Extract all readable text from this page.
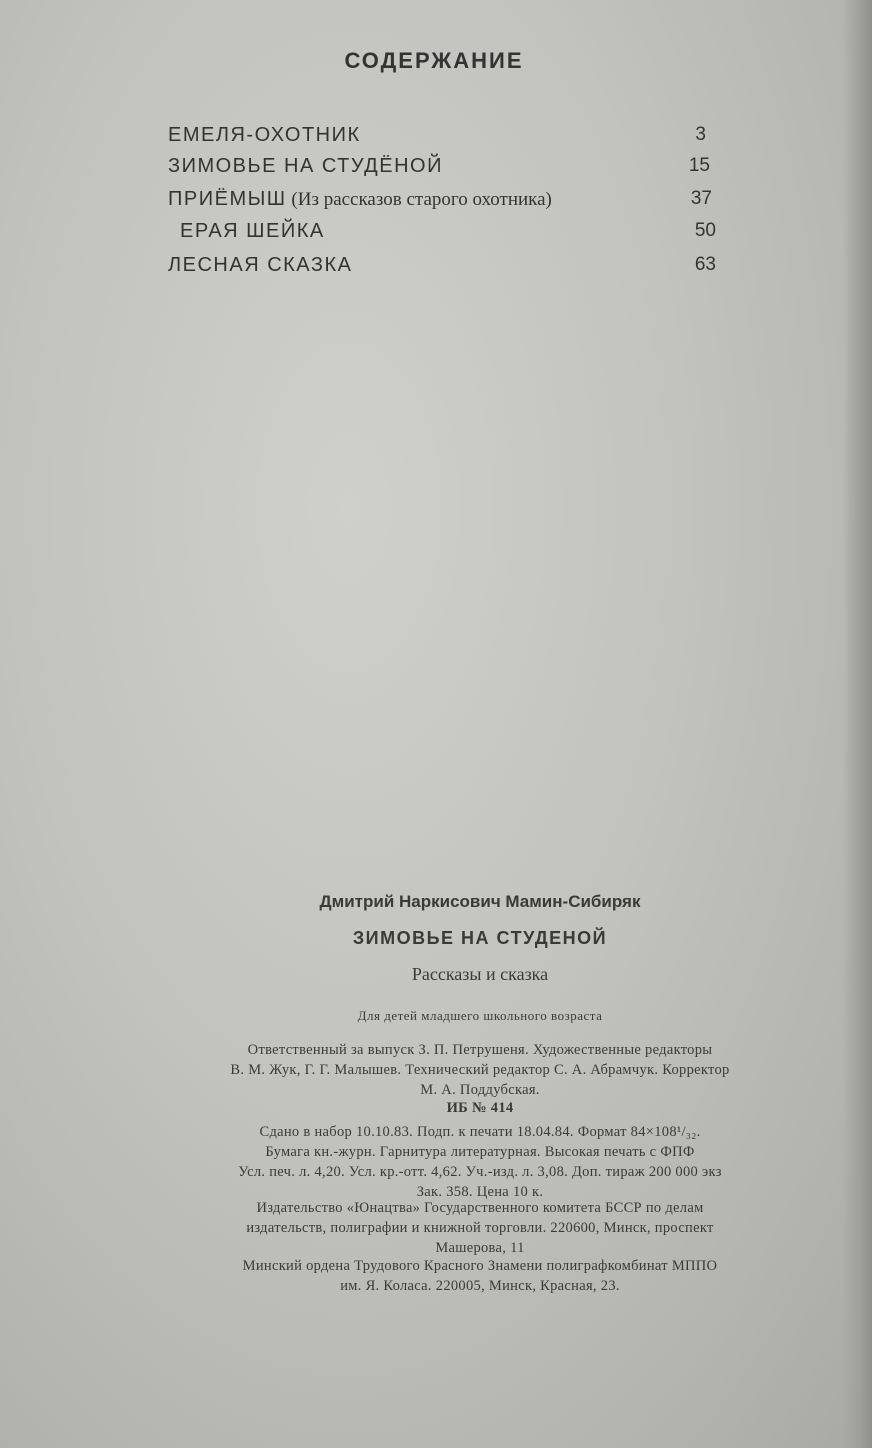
СОДЕРЖАНИЕ
ЕМЕЛЯ-ОХОТНИК	3
ЗИМОВЬЕ НА СТУДЁНОЙ	15
ПРИЁМЫШ (Из рассказов старого охотника)	37
ЕРАЯ ШЕЙКА	50
ЛЕСНАЯ СКАЗКА	63
Дмитрий Наркисович Мамин-Сибиряк
ЗИМОВЬЕ НА СТУДЕНОЙ
Рассказы и сказка
Для детей младшего школьного возраста
Ответственный за выпуск З. П. Петрушеня. Художественные редакторы
В. М. Жук, Г. Г. Малышев. Технический редактор С. А. Абрамчук. Корректор
М. А. Поддубская.
ИБ № 414
Сдано в набор 10.10.83. Подп. к печати 18.04.84. Формат 84×108¹/₃₂.
Бумага кн.-журн. Гарнитура литературная. Высокая печать с ФПФ
Усл. печ. л. 4,20. Усл. кр.-отт. 4,62. Уч.-изд. л. 3,08. Доп. тираж 200 000 экз
Зак. 358. Цена 10 к.
Издательство «Юнацтва» Государственного комитета БССР по делам
издательств, полиграфии и книжной торговли. 220600, Минск, проспект
Машерова, 11
Минский ордена Трудового Красного Знамени полиграфкомбинат МППО
им. Я. Коласа. 220005, Минск, Красная, 23.
